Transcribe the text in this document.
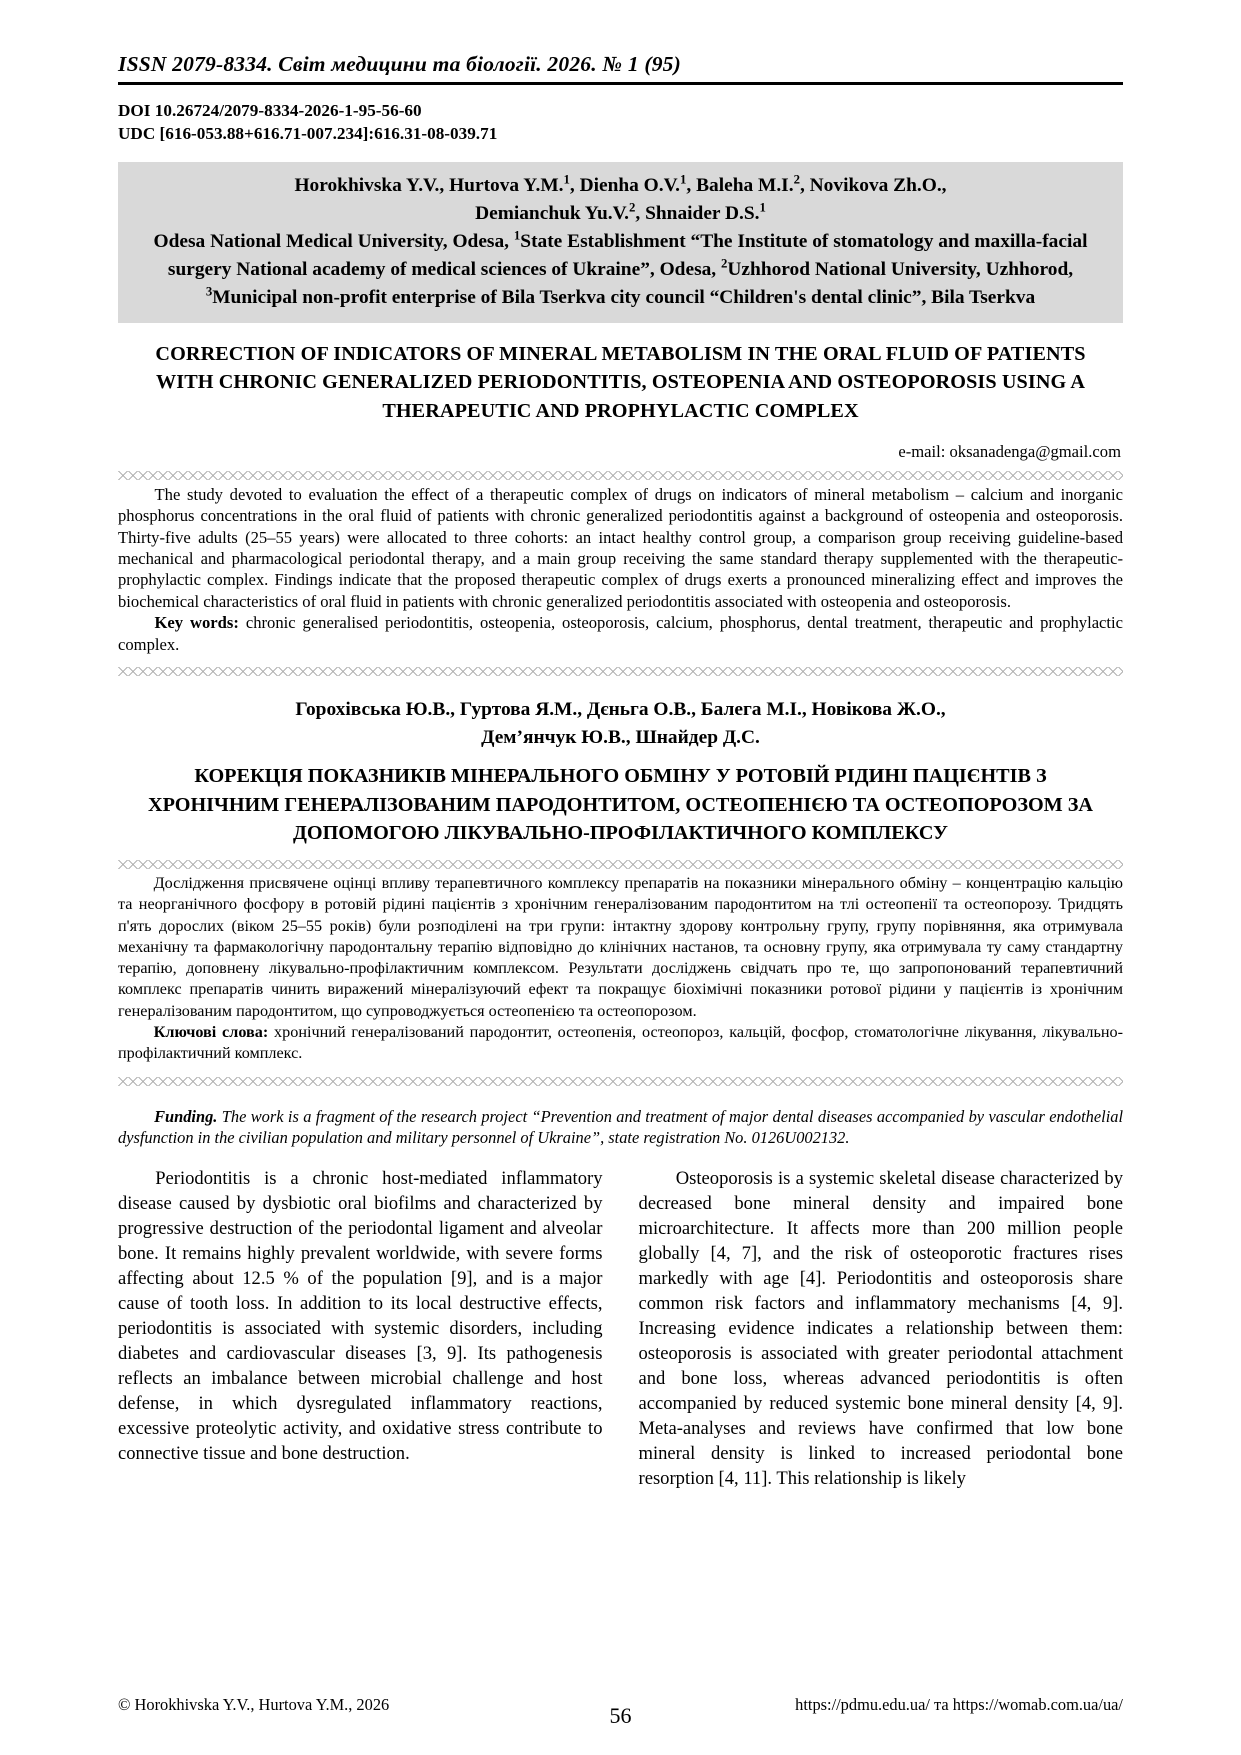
ISSN 2079-8334. Світ медицини та біології. 2026. № 1 (95)
DOI 10.26724/2079-8334-2026-1-95-56-60
UDC [616-053.88+616.71-007.234]:616.31-08-039.71
Horokhivska Y.V., Hurtova Y.M.$^1$, Dienha O.V.$^1$, Baleha M.I.$^2$, Novikova Zh.O.,
Demianchuk Yu.V.$^2$, Shnaider D.S.$^1$
Odesa National Medical University, Odesa, $^1$State Establishment “The Institute of stomatology and maxilla-facial surgery National academy of medical sciences of Ukraine”, Odesa, $^2$Uzhhorod National University, Uzhhorod, $^3$Municipal non-profit enterprise of Bila Tserkva city council “Children's dental clinic”, Bila Tserkva
CORRECTION OF INDICATORS OF MINERAL METABOLISM IN THE ORAL FLUID OF PATIENTS WITH CHRONIC GENERALIZED PERIODONTITIS, OSTEOPENIA AND OSTEOPOROSIS USING A THERAPEUTIC AND PROPHYLACTIC COMPLEX
e-mail: oksanadenga@gmail.com

The study devoted to evaluation the effect of a therapeutic complex of drugs on indicators of mineral metabolism – calcium and inorganic phosphorus concentrations in the oral fluid of patients with chronic generalized periodontitis against a background of osteopenia and osteoporosis. Thirty-five adults (25–55 years) were allocated to three cohorts: an intact healthy control group, a comparison group receiving guideline-based mechanical and pharmacological periodontal therapy, and a main group receiving the same standard therapy supplemented with the therapeutic-prophylactic complex. Findings indicate that the proposed therapeutic complex of drugs exerts a pronounced mineralizing effect and improves the biochemical characteristics of oral fluid in patients with chronic generalized periodontitis associated with osteopenia and osteoporosis.

Key words: chronic generalised periodontitis, osteopenia, osteoporosis, calcium, phosphorus, dental treatment, therapeutic and prophylactic complex.

Горохівська Ю.В., Гуртова Я.М., Дєньга О.В., Балега М.І., Новікова Ж.О.,
Дем’янчук Ю.В., Шнайдер Д.С.
КОРЕКЦІЯ ПОКАЗНИКІВ МІНЕРАЛЬНОГО ОБМІНУ У РОТОВІЙ РІДИНІ ПАЦІЄНТІВ З ХРОНІЧНИМ ГЕНЕРАЛІЗОВАНИМ ПАРОДОНТИТОМ, ОСТЕОПЕНІЄЮ ТА ОСТЕОПОРОЗОМ ЗА ДОПОМОГОЮ ЛІКУВАЛЬНО-ПРОФІЛАКТИЧНОГО КОМПЛЕКСУ

Дослідження присвячене оцінці впливу терапевтичного комплексу препаратів на показники мінерального обміну – концентрацію кальцію та неорганічного фосфору в ротовій рідині пацієнтів з хронічним генералізованим пародонтитом на тлі остеопенії та остеопорозу. Тридцять п'ять дорослих (віком 25–55 років) були розподілені на три групи: інтактну здорову контрольну групу, групу порівняння, яка отримувала механічну та фармакологічну пародонтальну терапію відповідно до клінічних настанов, та основну групу, яка отримувала ту саму стандартну терапію, доповнену лікувально-профілактичним комплексом. Результати досліджень свідчать про те, що запропонований терапевтичний комплекс препаратів чинить виражений мінералізуючий ефект та покращує біохімічні показники ротової рідини у пацієнтів із хронічним генералізованим пародонтитом, що супроводжується остеопенією та остеопорозом.

Ключові слова: хронічний генералізований пародонтит, остеопенія, остеопороз, кальцій, фосфор, стоматологічне лікування, лікувально-профілактичний комплекс.

Funding. The work is a fragment of the research project “Prevention and treatment of major dental diseases accompanied by vascular endothelial dysfunction in the civilian population and military personnel of Ukraine”, state registration No. 0126U002132.

Periodontitis is a chronic host-mediated inflammatory disease caused by dysbiotic oral biofilms and characterized by progressive destruction of the periodontal ligament and alveolar bone. It remains highly prevalent worldwide, with severe forms affecting about 12.5 % of the population [9], and is a major cause of tooth loss. In addition to its local destructive effects, periodontitis is associated with systemic disorders, including diabetes and cardiovascular diseases [3, 9]. Its pathogenesis reflects an imbalance between microbial challenge and host defense, in which dysregulated inflammatory reactions, excessive proteolytic activity, and oxidative stress contribute to connective tissue and bone destruction.

Osteoporosis is a systemic skeletal disease characterized by decreased bone mineral density and impaired bone microarchitecture. It affects more than 200 million people globally [4, 7], and the risk of osteoporotic fractures rises markedly with age [4]. Periodontitis and osteoporosis share common risk factors and inflammatory mechanisms [4, 9]. Increasing evidence indicates a relationship between them: osteoporosis is associated with greater periodontal attachment and bone loss, whereas advanced periodontitis is often accompanied by reduced systemic bone mineral density [4, 9]. Meta-analyses and reviews have confirmed that low bone mineral density is linked to increased periodontal bone resorption [4, 11]. This relationship is likely

© Horokhivska Y.V., Hurtova Y.M., 2026	56	https://pdmu.edu.ua/ та https://womab.com.ua/ua/
